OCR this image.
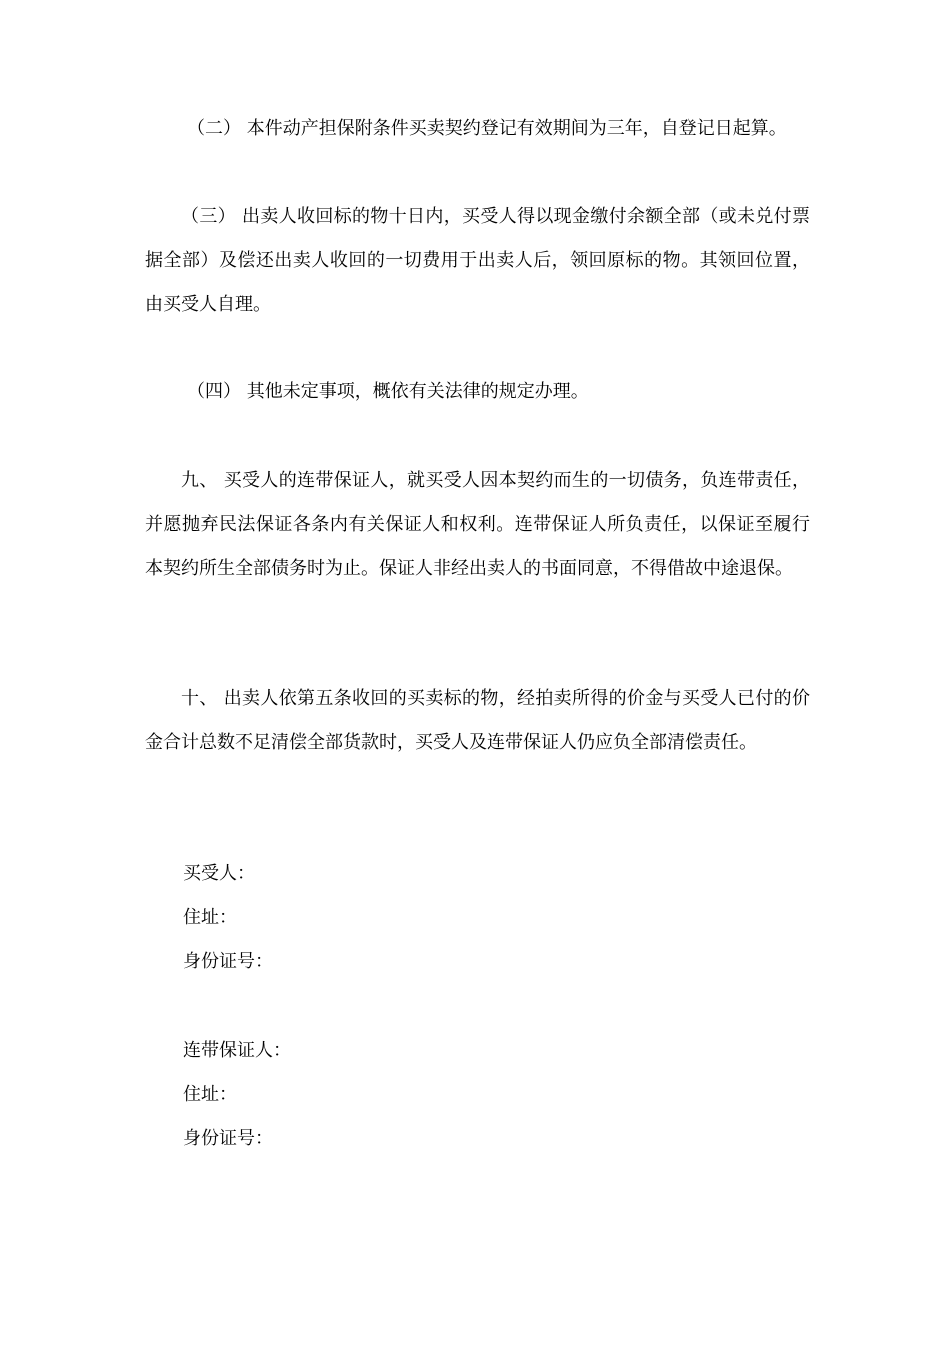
（二） 本件动产担保附条件买卖契约登记有效期间为三年，自登记日起算。

（三） 出卖人收回标的物十日内，买受人得以现金缴付余额全部（或未兑付票据全部）及偿还出卖人收回的一切费用于出卖人后，领回原标的物。其领回位置，由买受人自理。

（四） 其他未定事项，概依有关法律的规定办理。

九、 买受人的连带保证人，就买受人因本契约而生的一切债务，负连带责任，并愿抛弃民法保证各条内有关保证人和权利。连带保证人所负责任，以保证至履行本契约所生全部债务时为止。保证人非经出卖人的书面同意，不得借故中途退保。

十、 出卖人依第五条收回的买卖标的物，经拍卖所得的价金与买受人已付的价金合计总数不足清偿全部货款时，买受人及连带保证人仍应负全部清偿责任。

买受人：

住址：

身份证号：

连带保证人：

住址：

身份证号：
